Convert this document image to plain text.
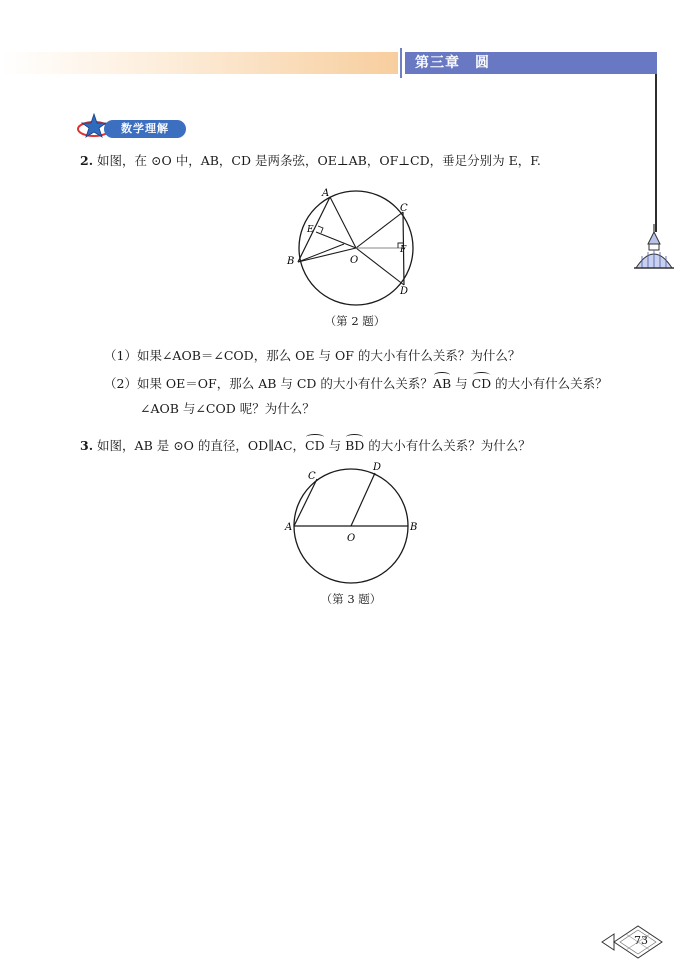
第三章　圆
数学理解
2. 如图，在 ⊙O 中，AB，CD 是两条弦，OE⊥AB，OF⊥CD，垂足分别为 E，F.
A
B
C
D
E
F
O
（第 2 题）
（1）如果∠AOB＝∠COD，那么 OE 与 OF 的大小有什么关系？为什么？
（2）如果 OE＝OF，那么 AB 与 CD 的大小有什么关系？AB 与 CD 的大小有什么关系？
∠AOB 与∠COD 呢？为什么？
3. 如图，AB 是 ⊙O 的直径，OD∥AC，CD 与 BD 的大小有什么关系？为什么？
C
D
A	B
O
（第 3 题）
73
